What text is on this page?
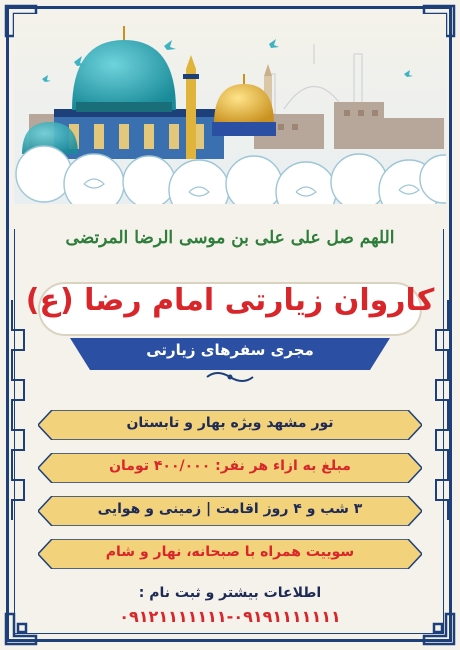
اللهم صل علی علی بن موسی الرضا المرتضی
کاروان زیارتی امام رضا (ع)
مجری سفرهای زیارتی
تور مشهد ویژه بهار و تابستان
مبلغ به ازاء هر نفر: ۴۰۰/۰۰۰ تومان
۳ شب و ۴ روز اقامت | زمینی و هوایی
سوییت همراه با صبحانه، نهار و شام
اطلاعات بیشتر و ثبت نام :
۰۹۱۲۱۱۱۱۱۱۱-۰۹۱۹۱۱۱۱۱۱۱
